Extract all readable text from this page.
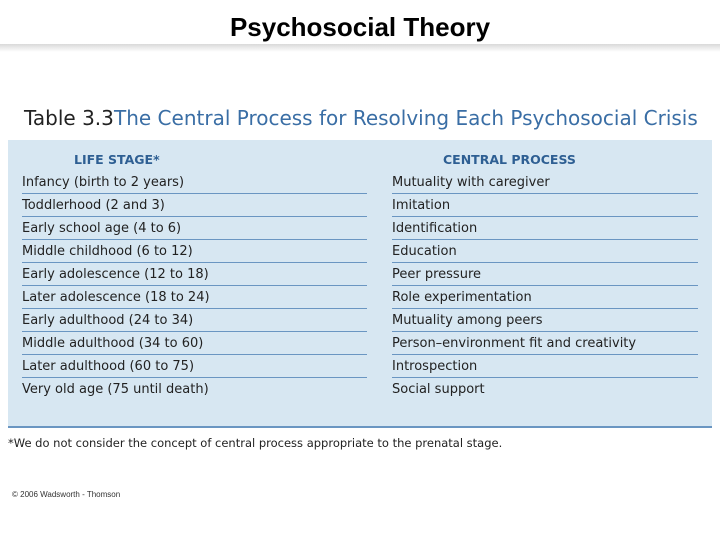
Psychosocial Theory
Table 3.3 The Central Process for Resolving Each Psychosocial Crisis
LIFE STAGE*	CENTRAL PROCESS
Infancy (birth to 2 years)	Mutuality with caregiver
Toddlerhood (2 and 3)	Imitation
Early school age (4 to 6)	Identification
Middle childhood (6 to 12)	Education
Early adolescence (12 to 18)	Peer pressure
Later adolescence (18 to 24)	Role experimentation
Early adulthood (24 to 34)	Mutuality among peers
Middle adulthood (34 to 60)	Person–environment fit and creativity
Later adulthood (60 to 75)	Introspection
Very old age (75 until death)	Social support
*We do not consider the concept of central process appropriate to the prenatal stage.
© 2006 Wadsworth - Thomson
